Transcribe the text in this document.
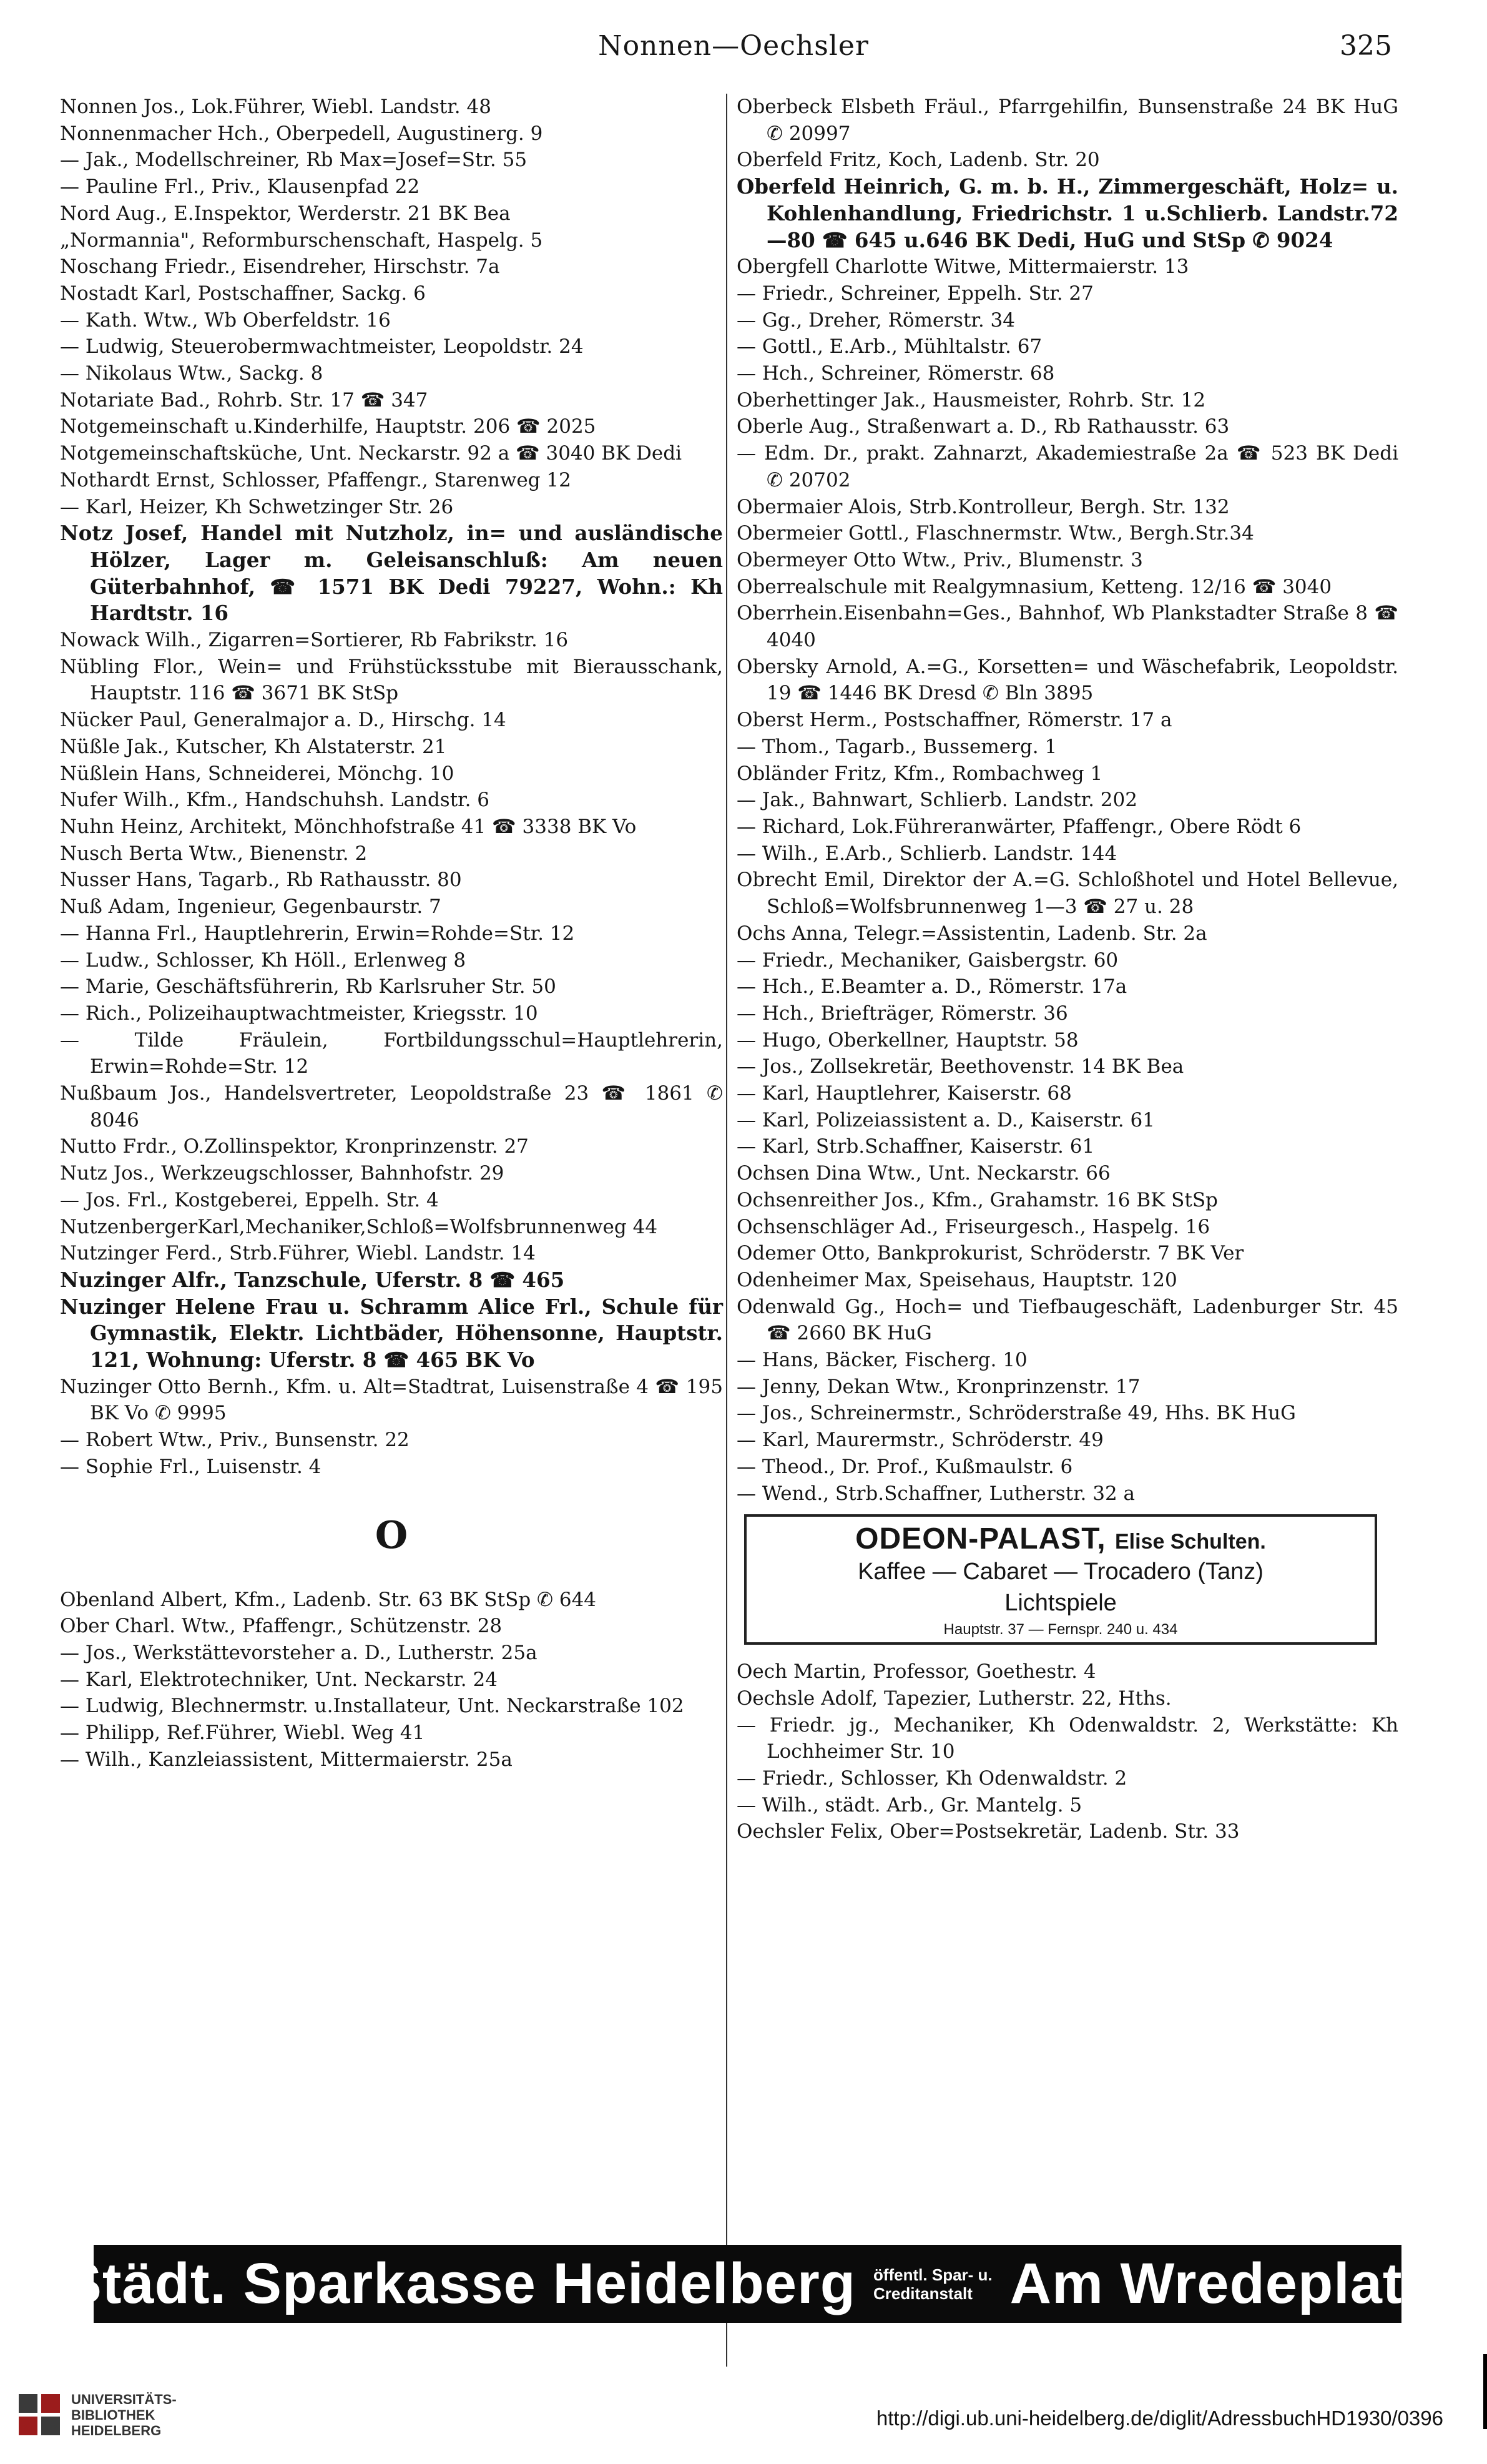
Nonnen—Oechsler	325

Nonnen Jos., Lok.Führer, Wiebl. Landstr. 48

Nonnenmacher Hch., Oberpedell, Augustinerg. 9

— Jak., Modellschreiner, Rb Max=Josef=Str. 55

— Pauline Frl., Priv., Klausenpfad 22

Nord Aug., E.Inspektor, Werderstr. 21 BK Bea

„Normannia", Reformburschenschaft, Haspelg. 5

Noschang Friedr., Eisendreher, Hirschstr. 7a

Nostadt Karl, Postschaffner, Sackg. 6

— Kath. Wtw., Wb Oberfeldstr. 16

— Ludwig, Steuerobermwachtmeister, Leopoldstr. 24

— Nikolaus Wtw., Sackg. 8

Notariate Bad., Rohrb. Str. 17 ☎ 347

Notgemeinschaft u.Kinderhilfe, Hauptstr. 206 ☎ 2025

Notgemeinschaftsküche, Unt. Neckarstr. 92 a ☎ 3040 BK Dedi

Nothardt Ernst, Schlosser, Pfaffengr., Starenweg 12

— Karl, Heizer, Kh Schwetzinger Str. 26

Notz Josef, Handel mit Nutzholz, in= und ausländische Hölzer, Lager m. Geleisanschluß: Am neuen Güterbahnhof, ☎ 1571 BK Dedi 79227, Wohn.: Kh Hardtstr. 16

Nowack Wilh., Zigarren=Sortierer, Rb Fabrikstr. 16

Nübling Flor., Wein= und Frühstücksstube mit Bierausschank, Hauptstr. 116 ☎ 3671 BK StSp

Nücker Paul, Generalmajor a. D., Hirschg. 14

Nüßle Jak., Kutscher, Kh Alstaterstr. 21

Nüßlein Hans, Schneiderei, Mönchg. 10

Nufer Wilh., Kfm., Handschuhsh. Landstr. 6

Nuhn Heinz, Architekt, Mönchhofstraße 41 ☎ 3338 BK Vo

Nusch Berta Wtw., Bienenstr. 2

Nusser Hans, Tagarb., Rb Rathausstr. 80

Nuß Adam, Ingenieur, Gegenbaurstr. 7

— Hanna Frl., Hauptlehrerin, Erwin=Rohde=Str. 12

— Ludw., Schlosser, Kh Höll., Erlenweg 8

— Marie, Geschäftsführerin, Rb Karlsruher Str. 50

— Rich., Polizeihauptwachtmeister, Kriegsstr. 10

— Tilde Fräulein, Fortbildungsschul=Hauptlehrerin, Erwin=Rohde=Str. 12

Nußbaum Jos., Handelsvertreter, Leopoldstraße 23 ☎ 1861 ✆ 8046

Nutto Frdr., O.Zollinspektor, Kronprinzenstr. 27

Nutz Jos., Werkzeugschlosser, Bahnhofstr. 29

— Jos. Frl., Kostgeberei, Eppelh. Str. 4

NutzenbergerKarl,Mechaniker,Schloß=Wolfsbrunnenweg 44

Nutzinger Ferd., Strb.Führer, Wiebl. Landstr. 14

Nuzinger Alfr., Tanzschule, Uferstr. 8 ☎ 465

Nuzinger Helene Frau u. Schramm Alice Frl., Schule für Gymnastik, Elektr. Lichtbäder, Höhensonne, Hauptstr. 121, Wohnung: Uferstr. 8 ☎ 465 BK Vo

Nuzinger Otto Bernh., Kfm. u. Alt=Stadtrat, Luisenstraße 4 ☎ 195 BK Vo ✆ 9995

— Robert Wtw., Priv., Bunsenstr. 22

— Sophie Frl., Luisenstr. 4

O

Obenland Albert, Kfm., Ladenb. Str. 63 BK StSp ✆ 644

Ober Charl. Wtw., Pfaffengr., Schützenstr. 28

— Jos., Werkstättevorsteher a. D., Lutherstr. 25a

— Karl, Elektrotechniker, Unt. Neckarstr. 24

— Ludwig, Blechnermstr. u.Installateur, Unt. Neckarstraße 102

— Philipp, Ref.Führer, Wiebl. Weg 41

— Wilh., Kanzleiassistent, Mittermaierstr. 25a

Oberbeck Elsbeth Fräul., Pfarrgehilfin, Bunsenstraße 24 BK HuG ✆ 20997

Oberfeld Fritz, Koch, Ladenb. Str. 20

Oberfeld Heinrich, G. m. b. H., Zimmergeschäft, Holz= u. Kohlenhandlung, Friedrichstr. 1 u.Schlierb. Landstr.72—80 ☎ 645 u.646 BK Dedi, HuG und StSp ✆ 9024

Obergfell Charlotte Witwe, Mittermaierstr. 13

— Friedr., Schreiner, Eppelh. Str. 27

— Gg., Dreher, Römerstr. 34

— Gottl., E.Arb., Mühltalstr. 67

— Hch., Schreiner, Römerstr. 68

Oberhettinger Jak., Hausmeister, Rohrb. Str. 12

Oberle Aug., Straßenwart a. D., Rb Rathausstr. 63

— Edm. Dr., prakt. Zahnarzt, Akademiestraße 2a ☎ 523 BK Dedi ✆ 20702

Obermaier Alois, Strb.Kontrolleur, Bergh. Str. 132

Obermeier Gottl., Flaschnermstr. Wtw., Bergh.Str.34

Obermeyer Otto Wtw., Priv., Blumenstr. 3

Oberrealschule mit Realgymnasium, Ketteng. 12/16 ☎ 3040

Oberrhein.Eisenbahn=Ges., Bahnhof, Wb Plankstadter Straße 8 ☎ 4040

Obersky Arnold, A.=G., Korsetten= und Wäschefabrik, Leopoldstr. 19 ☎ 1446 BK Dresd ✆ Bln 3895

Oberst Herm., Postschaffner, Römerstr. 17 a

— Thom., Tagarb., Bussemerg. 1

Obländer Fritz, Kfm., Rombachweg 1

— Jak., Bahnwart, Schlierb. Landstr. 202

— Richard, Lok.Führeranwärter, Pfaffengr., Obere Rödt 6

— Wilh., E.Arb., Schlierb. Landstr. 144

Obrecht Emil, Direktor der A.=G. Schloßhotel und Hotel Bellevue, Schloß=Wolfsbrunnenweg 1—3 ☎ 27 u. 28

Ochs Anna, Telegr.=Assistentin, Ladenb. Str. 2a

— Friedr., Mechaniker, Gaisbergstr. 60

— Hch., E.Beamter a. D., Römerstr. 17a

— Hch., Briefträger, Römerstr. 36

— Hugo, Oberkellner, Hauptstr. 58

— Jos., Zollsekretär, Beethovenstr. 14 BK Bea

— Karl, Hauptlehrer, Kaiserstr. 68

— Karl, Polizeiassistent a. D., Kaiserstr. 61

— Karl, Strb.Schaffner, Kaiserstr. 61

Ochsen Dina Wtw., Unt. Neckarstr. 66

Ochsenreither Jos., Kfm., Grahamstr. 16 BK StSp

Ochsenschläger Ad., Friseurgesch., Haspelg. 16

Odemer Otto, Bankprokurist, Schröderstr. 7 BK Ver

Odenheimer Max, Speisehaus, Hauptstr. 120

Odenwald Gg., Hoch= und Tiefbaugeschäft, Ladenburger Str. 45 ☎ 2660 BK HuG

— Hans, Bäcker, Fischerg. 10

— Jenny, Dekan Wtw., Kronprinzenstr. 17

— Jos., Schreinermstr., Schröderstraße 49, Hhs. BK HuG

— Karl, Maurermstr., Schröderstr. 49

— Theod., Dr. Prof., Kußmaulstr. 6

— Wend., Strb.Schaffner, Lutherstr. 32 a

ODEON-PALAST, Elise Schulten.
Kaffee — Cabaret — Trocadero (Tanz)
Lichtspiele
Hauptstr. 37 — Fernspr. 240 u. 434

Oech Martin, Professor, Goethestr. 4

Oechsle Adolf, Tapezier, Lutherstr. 22, Hths.

— Friedr. jg., Mechaniker, Kh Odenwaldstr. 2, Werkstätte: Kh Lochheimer Str. 10

— Friedr., Schlosser, Kh Odenwaldstr. 2

— Wilh., städt. Arb., Gr. Mantelg. 5

Oechsler Felix, Ober=Postsekretär, Ladenb. Str. 33

Städt. Sparkasse Heidelberg öffentl. Spar- u.
Creditanstalt Am Wredeplatz
UNIVERSITÄTS-
BIBLIOTHEK
HEIDELBERG
http://digi.ub.uni-heidelberg.de/diglit/AdressbuchHD1930/0396
